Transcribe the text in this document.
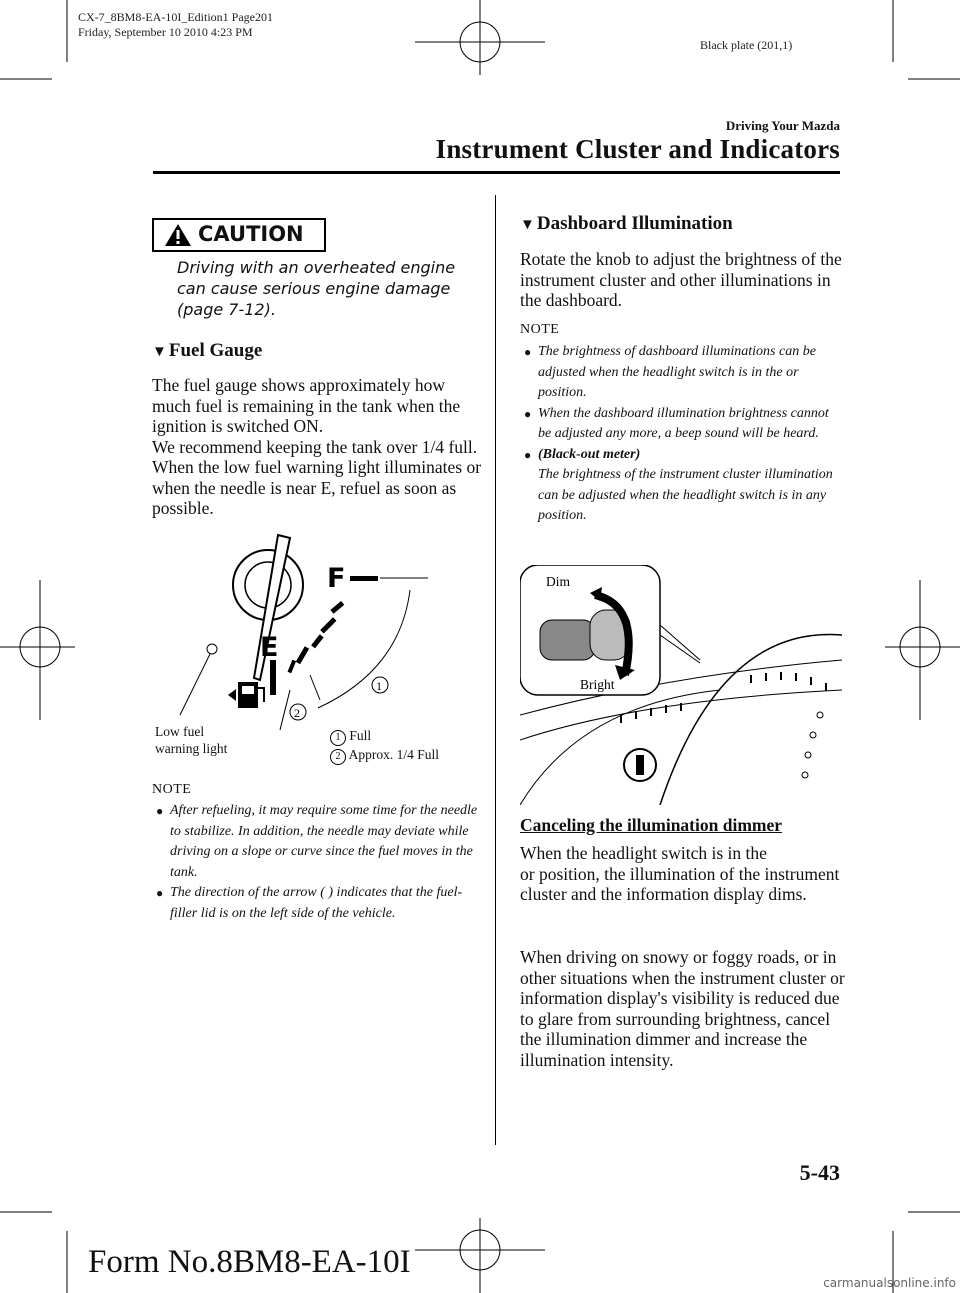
CX-7_8BM8-EA-10I_Edition1 Page201
Friday, September 10 2010 4:23 PM
Black plate (201,1)
Driving Your Mazda
Instrument Cluster and Indicators
CAUTION
Driving with an overheated engine can cause serious engine damage (page 7-12).
▼ Fuel Gauge
The fuel gauge shows approximately how much fuel is remaining in the tank when the ignition is switched ON.
We recommend keeping the tank over 1/4 full. When the low fuel warning light illuminates or when the needle is near E, refuel as soon as possible.
F
E
1
2
Low fuel
warning light
1 Full
2 Approx. 1/4 Full
NOTE
● After refueling, it may require some time for the needle to stabilize. In addition, the needle may deviate while driving on a slope or curve since the fuel moves in the tank.
● The direction of the arrow ( ) indicates that the fuel-filler lid is on the left side of the vehicle.
▼ Dashboard Illumination
Rotate the knob to adjust the brightness of the instrument cluster and other illuminations in the dashboard.
NOTE
● The brightness of dashboard illuminations can be adjusted when the headlight switch is in the or position.
● When the dashboard illumination brightness cannot be adjusted any more, a beep sound will be heard.
● (Black-out meter)
The brightness of the instrument cluster illumination can be adjusted when the headlight switch is in any position.
Dim
Bright
Canceling the illumination dimmer
When the headlight switch is in the
or position, the illumination of the instrument cluster and the information display dims.
When driving on snowy or foggy roads, or in other situations when the instrument cluster or information display's visibility is reduced due to glare from surrounding brightness, cancel the illumination dimmer and increase the illumination intensity.
5-43
Form No.8BM8-EA-10I
carmanualsonline.info
